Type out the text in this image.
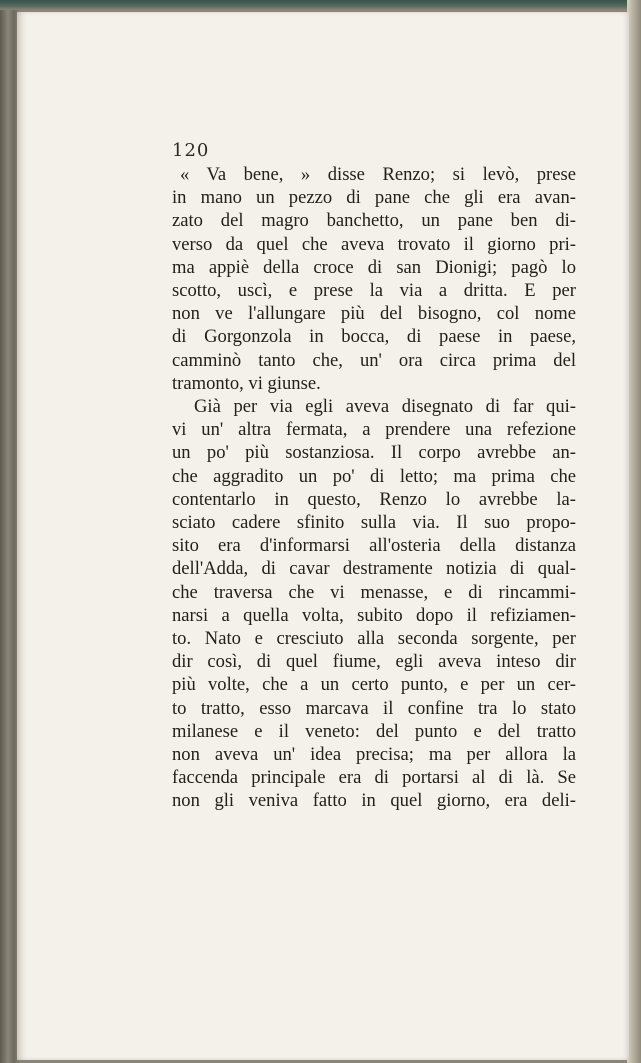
120
« Va bene, » disse Renzo; si levò, prese
in mano un pezzo di pane che gli era avan-
zato del magro banchetto, un pane ben di-
verso da quel che aveva trovato il giorno pri-
ma appiè della croce di san Dionigi; pagò lo
scotto, uscì, e prese la via a dritta. E per
non ve l'allungare più del bisogno, col nome
di Gorgonzola in bocca, di paese in paese,
camminò tanto che, un' ora circa prima del
tramonto, vi giunse.
Già per via egli aveva disegnato di far qui-
vi un' altra fermata, a prendere una refezione
un po' più sostanziosa. Il corpo avrebbe an-
che aggradito un po' di letto; ma prima che
contentarlo in questo, Renzo lo avrebbe la-
sciato cadere sfinito sulla via. Il suo propo-
sito era d'informarsi all'osteria della distanza
dell'Adda, di cavar destramente notizia di qual-
che traversa che vi menasse, e di rincammi-
narsi a quella volta, subito dopo il refiziamen-
to. Nato e cresciuto alla seconda sorgente, per
dir così, di quel fiume, egli aveva inteso dir
più volte, che a un certo punto, e per un cer-
to tratto, esso marcava il confine tra lo stato
milanese e il veneto: del punto e del tratto
non aveva un' idea precisa; ma per allora la
faccenda principale era di portarsi al di là. Se
non gli veniva fatto in quel giorno, era deli-
